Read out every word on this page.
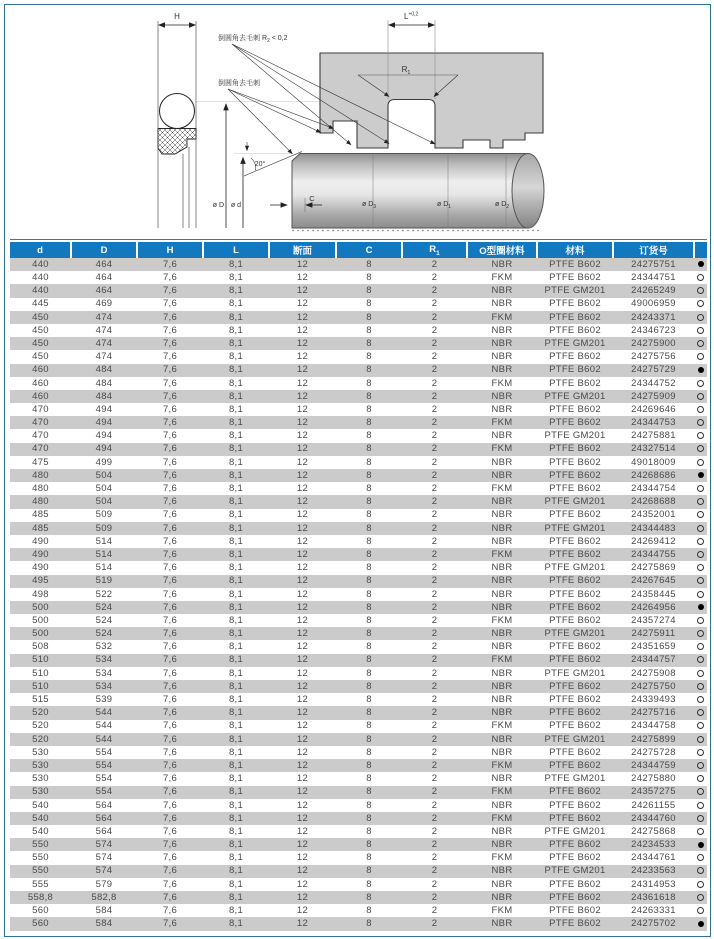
H
ø D ø d
$L^{+0,2}$
$R_1$
ø $D_3$	ø $D_1$	ø $D_2$
C
20°
倒圆角去毛刺 $R_2 < 0,2$
倒圆角去毛刺
d	D	H	L	断面	C	$R_1$	O型圈材料	材料	订货号	
440	464	7,6	8,1	12	8	2	NBR	PTFE B602	24275751	
440	464	7,6	8,1	12	8	2	FKM	PTFE B602	24344751	
440	464	7,6	8,1	12	8	2	NBR	PTFE GM201	24265249	
445	469	7,6	8,1	12	8	2	NBR	PTFE B602	49006959	
450	474	7,6	8,1	12	8	2	FKM	PTFE B602	24243371	
450	474	7,6	8,1	12	8	2	NBR	PTFE B602	24346723	
450	474	7,6	8,1	12	8	2	NBR	PTFE GM201	24275900	
450	474	7,6	8,1	12	8	2	NBR	PTFE B602	24275756	
460	484	7,6	8,1	12	8	2	NBR	PTFE B602	24275729	
460	484	7,6	8,1	12	8	2	FKM	PTFE B602	24344752	
460	484	7,6	8,1	12	8	2	NBR	PTFE GM201	24275909	
470	494	7,6	8,1	12	8	2	NBR	PTFE B602	24269646	
470	494	7,6	8,1	12	8	2	FKM	PTFE B602	24344753	
470	494	7,6	8,1	12	8	2	NBR	PTFE GM201	24275881	
470	494	7,6	8,1	12	8	2	FKM	PTFE B602	24327514	
475	499	7,6	8,1	12	8	2	NBR	PTFE B602	49018009	
480	504	7,6	8,1	12	8	2	NBR	PTFE B602	24268686	
480	504	7,6	8,1	12	8	2	FKM	PTFE B602	24344754	
480	504	7,6	8,1	12	8	2	NBR	PTFE GM201	24268688	
485	509	7,6	8,1	12	8	2	NBR	PTFE B602	24352001	
485	509	7,6	8,1	12	8	2	NBR	PTFE GM201	24344483	
490	514	7,6	8,1	12	8	2	NBR	PTFE B602	24269412	
490	514	7,6	8,1	12	8	2	FKM	PTFE B602	24344755	
490	514	7,6	8,1	12	8	2	NBR	PTFE GM201	24275869	
495	519	7,6	8,1	12	8	2	NBR	PTFE B602	24267645	
498	522	7,6	8,1	12	8	2	NBR	PTFE B602	24358445	
500	524	7,6	8,1	12	8	2	NBR	PTFE B602	24264956	
500	524	7,6	8,1	12	8	2	FKM	PTFE B602	24357274	
500	524	7,6	8,1	12	8	2	NBR	PTFE GM201	24275911	
508	532	7,6	8,1	12	8	2	NBR	PTFE B602	24351659	
510	534	7,6	8,1	12	8	2	FKM	PTFE B602	24344757	
510	534	7,6	8,1	12	8	2	NBR	PTFE GM201	24275908	
510	534	7,6	8,1	12	8	2	NBR	PTFE B602	24275750	
515	539	7,6	8,1	12	8	2	NBR	PTFE B602	24339493	
520	544	7,6	8,1	12	8	2	NBR	PTFE B602	24275716	
520	544	7,6	8,1	12	8	2	FKM	PTFE B602	24344758	
520	544	7,6	8,1	12	8	2	NBR	PTFE GM201	24275899	
530	554	7,6	8,1	12	8	2	NBR	PTFE B602	24275728	
530	554	7,6	8,1	12	8	2	FKM	PTFE B602	24344759	
530	554	7,6	8,1	12	8	2	NBR	PTFE GM201	24275880	
530	554	7,6	8,1	12	8	2	FKM	PTFE B602	24357275	
540	564	7,6	8,1	12	8	2	NBR	PTFE B602	24261155	
540	564	7,6	8,1	12	8	2	FKM	PTFE B602	24344760	
540	564	7,6	8,1	12	8	2	NBR	PTFE GM201	24275868	
550	574	7,6	8,1	12	8	2	NBR	PTFE B602	24234533	
550	574	7,6	8,1	12	8	2	FKM	PTFE B602	24344761	
550	574	7,6	8,1	12	8	2	NBR	PTFE GM201	24233563	
555	579	7,6	8,1	12	8	2	NBR	PTFE B602	24314953	
558,8	582,8	7,6	8,1	12	8	2	NBR	PTFE B602	24361618	
560	584	7,6	8,1	12	8	2	FKM	PTFE B602	24263331	
560	584	7,6	8,1	12	8	2	NBR	PTFE B602	24275702	
